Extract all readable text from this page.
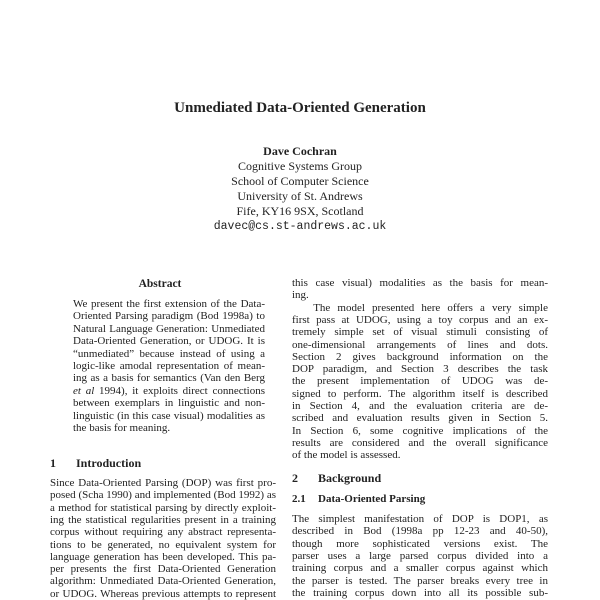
Unmediated Data-Oriented Generation
Dave Cochran
Cognitive Systems Group
School of Computer Science
University of St. Andrews
Fife, KY16 9SX, Scotland
davec@cs.st-andrews.ac.uk
Abstract
We present the first extension of the Data-
Oriented Parsing paradigm (Bod 1998a) to
Natural Language Generation: Unmediated
Data-Oriented Generation, or UDOG. It is
“unmediated” because instead of using a
logic-like amodal representation of mean-
ing as a basis for semantics (Van den Berg
et al 1994), it exploits direct connections
between exemplars in linguistic and non-
linguistic (in this case visual) modalities as
the basis for meaning.
1 Introduction
Since Data-Oriented Parsing (DOP) was first pro-
posed (Scha 1990) and implemented (Bod 1992) as
a method for statistical parsing by directly exploit-
ing the statistical regularities present in a training
corpus without requiring any abstract representa-
tions to be generated, no equivalent system for
language generation has been developed. This pa-
per presents the first Data-Oriented Generation
algorithm: Unmediated Data-Oriented Generation,
or UDOG. Whereas previous attempts to represent
this case visual) modalities as the basis for mean-
ing.
The model presented here offers a very simple
first pass at UDOG, using a toy corpus and an ex-
tremely simple set of visual stimuli consisting of
one-dimensional arrangements of lines and dots.
Section 2 gives background information on the
DOP paradigm, and Section 3 describes the task
the present implementation of UDOG was de-
signed to perform. The algorithm itself is described
in Section 4, and the evaluation criteria are de-
scribed and evaluation results given in Section 5.
In Section 6, some cognitive implications of the
results are considered and the overall significance
of the model is assessed.
2 Background
2.1 Data-Oriented Parsing
The simplest manifestation of DOP is DOP1, as
described in Bod (1998a pp 12-23 and 40-50),
though more sophisticated versions exist. The
parser uses a large parsed corpus divided into a
training corpus and a smaller corpus against which
the parser is tested. The parser breaks every tree in
the training corpus down into all its possible sub-
